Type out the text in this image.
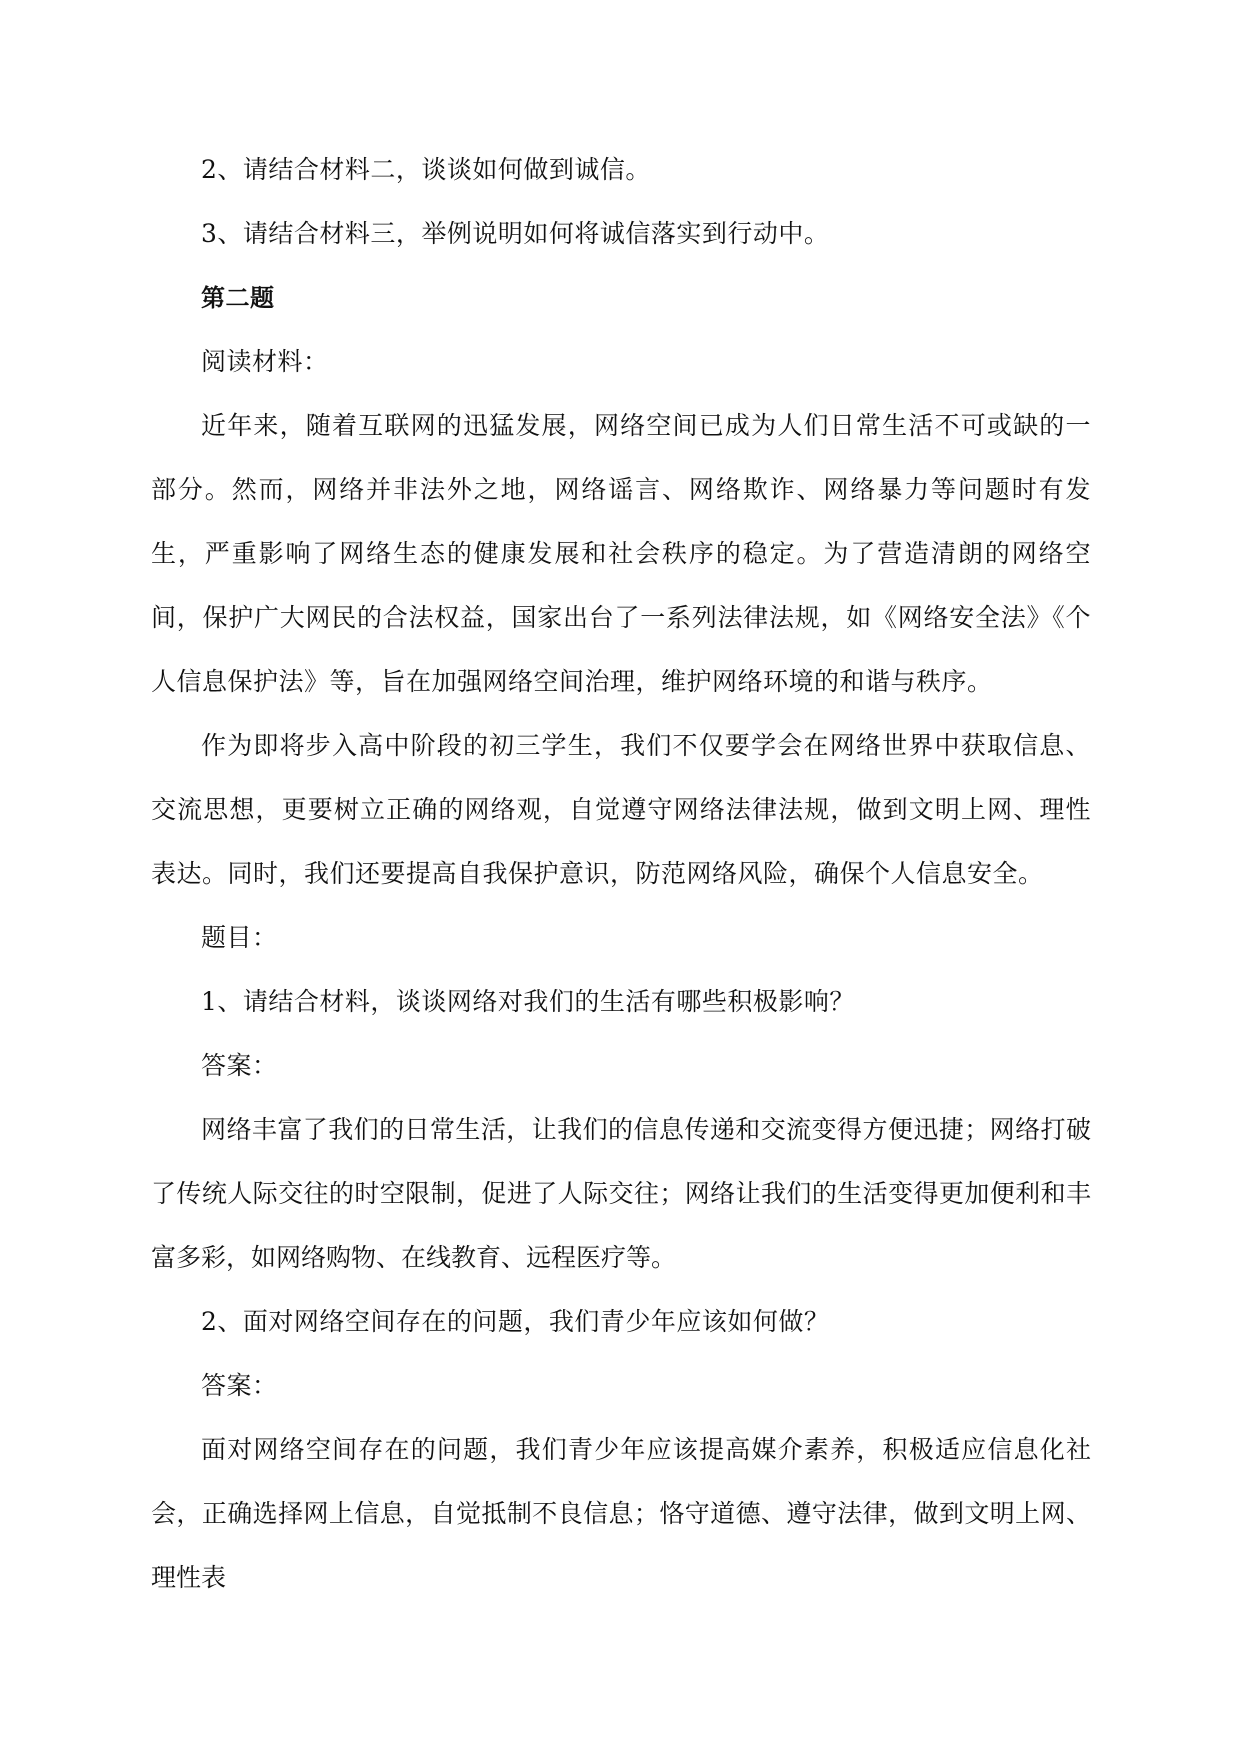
2、请结合材料二，谈谈如何做到诚信。

3、请结合材料三，举例说明如何将诚信落实到行动中。

第二题

阅读材料：

近年来，随着互联网的迅猛发展，网络空间已成为人们日常生活不可或缺的一部分。然而，网络并非法外之地，网络谣言、网络欺诈、网络暴力等问题时有发生，严重影响了网络生态的健康发展和社会秩序的稳定。为了营造清朗的网络空间，保护广大网民的合法权益，国家出台了一系列法律法规，如《网络安全法》《个人信息保护法》等，旨在加强网络空间治理，维护网络环境的和谐与秩序。

作为即将步入高中阶段的初三学生，我们不仅要学会在网络世界中获取信息、交流思想，更要树立正确的网络观，自觉遵守网络法律法规，做到文明上网、理性表达。同时，我们还要提高自我保护意识，防范网络风险，确保个人信息安全。

题目：

1、请结合材料，谈谈网络对我们的生活有哪些积极影响？

答案：

网络丰富了我们的日常生活，让我们的信息传递和交流变得方便迅捷；网络打破了传统人际交往的时空限制，促进了人际交往；网络让我们的生活变得更加便利和丰富多彩，如网络购物、在线教育、远程医疗等。

2、面对网络空间存在的问题，我们青少年应该如何做？

答案：

面对网络空间存在的问题，我们青少年应该提高媒介素养，积极适应信息化社会，正确选择网上信息，自觉抵制不良信息；恪守道德、遵守法律，做到文明上网、理性表
